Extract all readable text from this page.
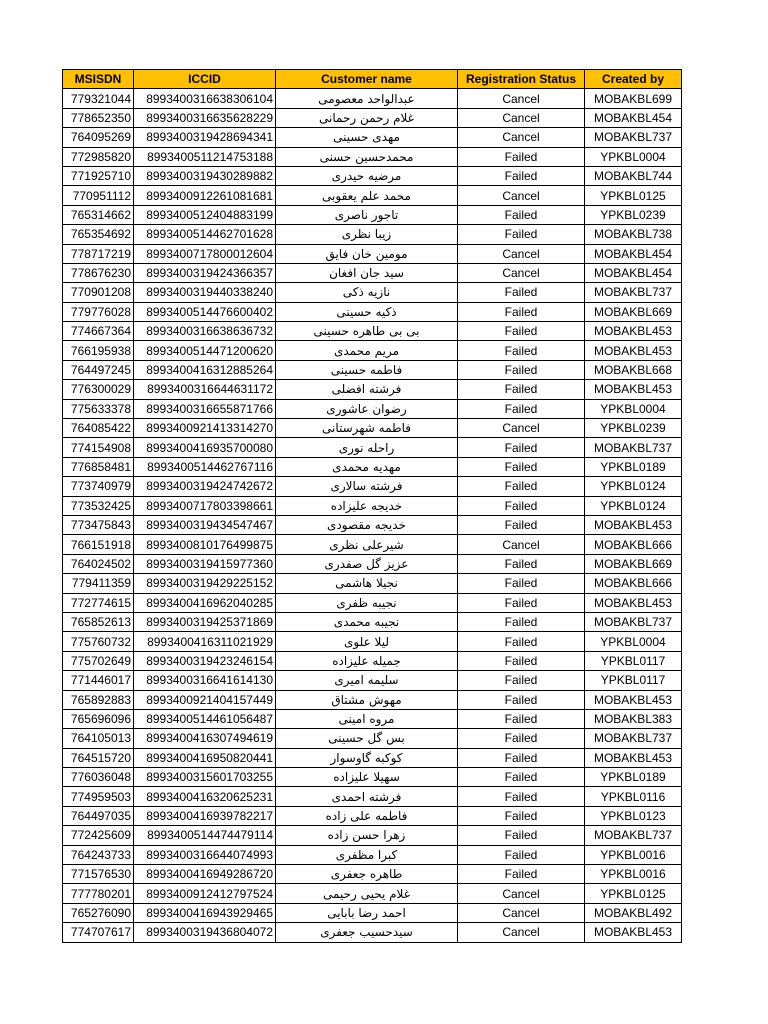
MSISDN	ICCID	Customer name	Registration Status	Created by
779321044	8993400316638306104	عبدالواحد معصومی	Cancel	MOBAKBL699
778652350	8993400316635628229	غلام رحمن رحمانی	Cancel	MOBAKBL454
764095269	8993400319428694341	مهدی حسینی	Cancel	MOBAKBL737
772985820	8993400511214753188	محمدحسین حسنی	Failed	YPKBL0004
771925710	8993400319430289882	مرضیه حیدری	Failed	MOBAKBL744
770951112	8993400912261081681	محمد علم یعقوبی	Cancel	YPKBL0125
765314662	8993400512404883199	تاجور ناصری	Failed	YPKBL0239
765354692	8993400514462701628	زیبا نظری	Failed	MOBAKBL738
778717219	8993400717800012604	مومین خان فایق	Cancel	MOBAKBL454
778676230	8993400319424366357	سید جان افغان	Cancel	MOBAKBL454
770901208	8993400319440338240	نازیه ذکی	Failed	MOBAKBL737
779776028	8993400514476600402	ذکیه حسینی	Failed	MOBAKBL669
774667364	8993400316638636732	بی بی طاهره حسینی	Failed	MOBAKBL453
766195938	8993400514471200620	مریم محمدی	Failed	MOBAKBL453
764497245	8993400416312885264	فاطمه حسینی	Failed	MOBAKBL668
776300029	8993400316644631172	فرشته افضلی	Failed	MOBAKBL453
775633378	8993400316655871766	رضوان عاشوری	Failed	YPKBL0004
764085422	8993400921413314270	فاطمه شهرستانی	Cancel	YPKBL0239
774154908	8993400416935700080	راحله نوری	Failed	MOBAKBL737
776858481	8993400514462767116	مهدیه محمدی	Failed	YPKBL0189
773740979	8993400319424742672	فرشته سالاری	Failed	YPKBL0124
773532425	8993400717803398661	خدیجه علیزاده	Failed	YPKBL0124
773475843	8993400319434547467	خدیجه مقصودی	Failed	MOBAKBL453
766151918	8993400810176499875	شیرعلی نظری	Cancel	MOBAKBL666
764024502	8993400319415977360	عزیز گل صفدری	Failed	MOBAKBL669
779411359	8993400319429225152	نجیلا هاشمی	Failed	MOBAKBL666
772774615	8993400416962040285	نجیبه ظفری	Failed	MOBAKBL453
765852613	8993400319425371869	نجیبه محمدی	Failed	MOBAKBL737
775760732	8993400416311021929	لیلا علوی	Failed	YPKBL0004
775702649	8993400319423246154	جمیله علیزاده	Failed	YPKBL0117
771446017	8993400316641614130	سلیمه امیری	Failed	YPKBL0117
765892883	8993400921404157449	مهوش مشتاق	Failed	MOBAKBL453
765696096	8993400514461056487	مروه امینی	Failed	MOBAKBL383
764105013	8993400416307494619	بس گل حسینی	Failed	MOBAKBL737
764515720	8993400416950820441	کوکبه گاوسوار	Failed	MOBAKBL453
776036048	8993400315601703255	سهیلا علیزاده	Failed	YPKBL0189
774959503	8993400416320625231	فرشته احمدی	Failed	YPKBL0116
764497035	8993400416939782217	فاطمه علی زاده	Failed	YPKBL0123
772425609	8993400514474479114	زهرا حسن زاده	Failed	MOBAKBL737
764243733	8993400316644074993	کبرا مظفری	Failed	YPKBL0016
771576530	8993400416949286720	طاهره جعفری	Failed	YPKBL0016
777780201	8993400912412797524	غلام یحیی رحیمی	Cancel	YPKBL0125
765276090	8993400416943929465	احمد رضا بابایی	Cancel	MOBAKBL492
774707617	8993400319436804072	سیدحسیب جعفری	Cancel	MOBAKBL453
